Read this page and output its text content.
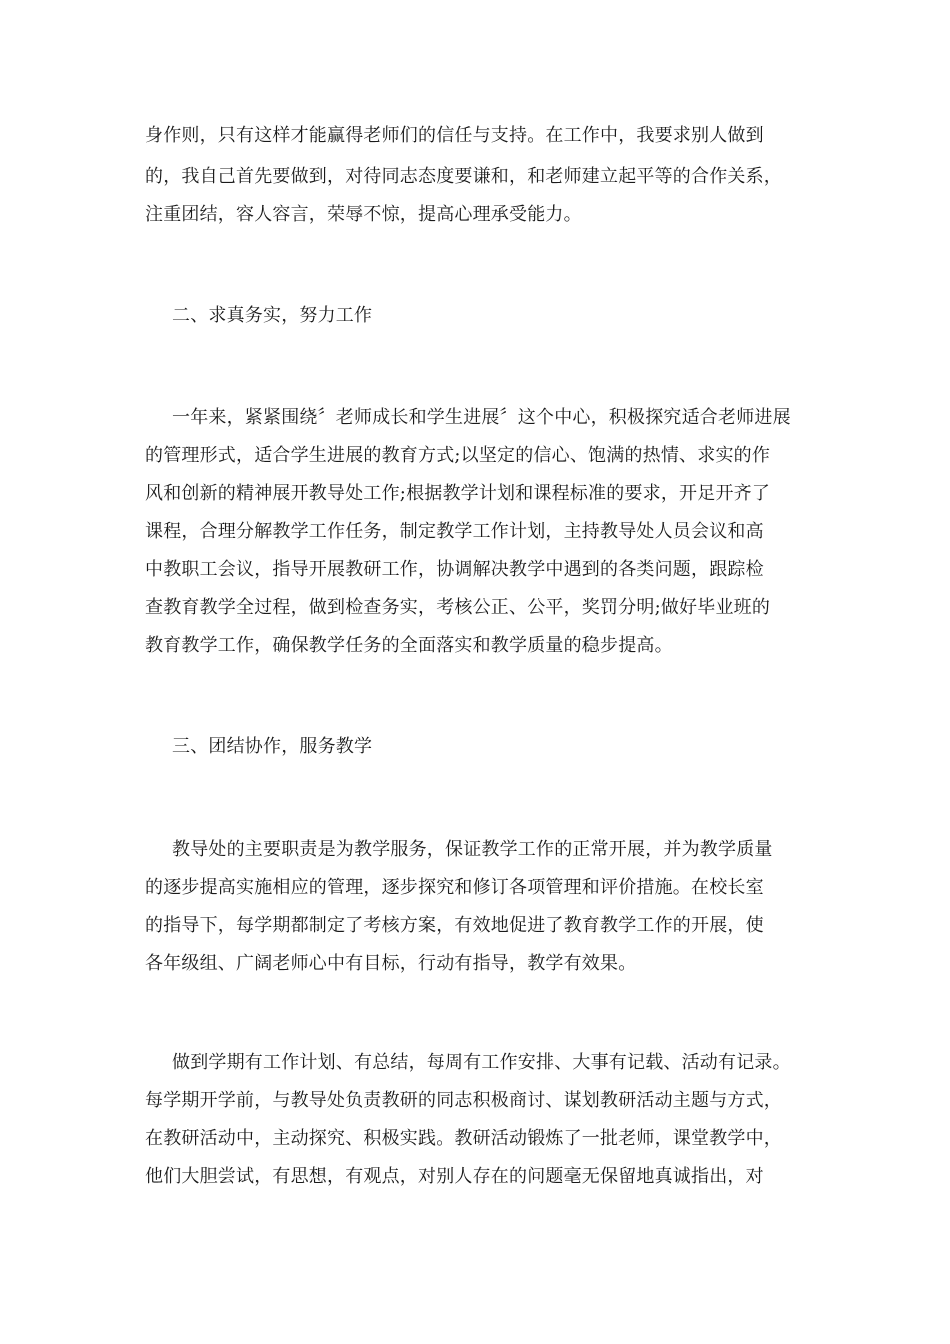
身作则，只有这样才能赢得老师们的信任与支持。在工作中，我要求别人做到
的，我自己首先要做到，对待同志态度要谦和，和老师建立起平等的合作关系，
注重团结，容人容言，荣辱不惊，提高心理承受能力。
二、求真务实，努力工作
一年来，紧紧围绕〞老师成长和学生进展〞这个中心，积极探究适合老师进展
的管理形式，适合学生进展的教育方式;以坚定的信心、饱满的热情、求实的作
风和创新的精神展开教导处工作;根据教学计划和课程标准的要求，开足开齐了
课程，合理分解教学工作任务，制定教学工作计划，主持教导处人员会议和高
中教职工会议，指导开展教研工作，协调解决教学中遇到的各类问题，跟踪检
查教育教学全过程，做到检查务实，考核公正、公平，奖罚分明;做好毕业班的
教育教学工作，确保教学任务的全面落实和教学质量的稳步提高。
三、团结协作，服务教学
教导处的主要职责是为教学服务，保证教学工作的正常开展，并为教学质量
的逐步提高实施相应的管理，逐步探究和修订各项管理和评价措施。在校长室
的指导下，每学期都制定了考核方案，有效地促进了教育教学工作的开展，使
各年级组、广阔老师心中有目标，行动有指导，教学有效果。
做到学期有工作计划、有总结，每周有工作安排、大事有记载、活动有记录。
每学期开学前，与教导处负责教研的同志积极商讨、谋划教研活动主题与方式，
在教研活动中，主动探究、积极实践。教研活动锻炼了一批老师，课堂教学中，
他们大胆尝试，有思想，有观点，对别人存在的问题毫无保留地真诚指出，对
